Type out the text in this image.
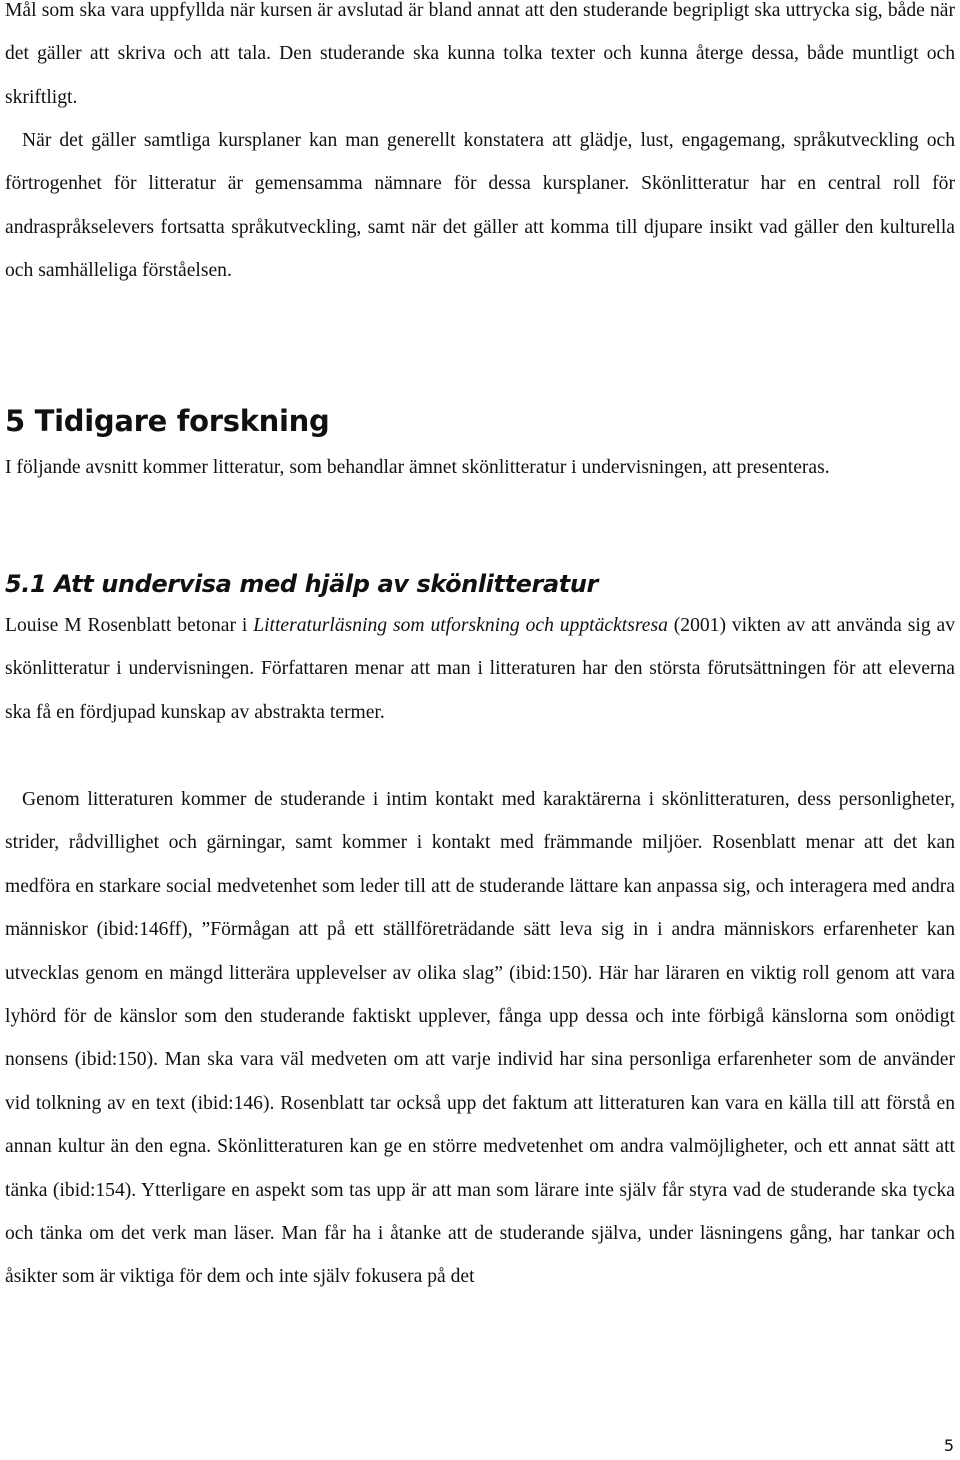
Mål som ska vara uppfyllda när kursen är avslutad är bland annat att den studerande begripligt ska uttrycka sig, både när det gäller att skriva och att tala. Den studerande ska kunna tolka texter och kunna återge dessa, både muntligt och skriftligt.

När det gäller samtliga kursplaner kan man generellt konstatera att glädje, lust, engagemang, språkutveckling och förtrogenhet för litteratur är gemensamma nämnare för dessa kursplaner. Skönlitteratur har en central roll för andraspråkselevers fortsatta språkutveckling, samt när det gäller att komma till djupare insikt vad gäller den kulturella och samhälleliga förståelsen.

5 Tidigare forskning

I följande avsnitt kommer litteratur, som behandlar ämnet skönlitteratur i undervisningen, att presenteras.

5.1 Att undervisa med hjälp av skönlitteratur

Louise M Rosenblatt betonar i Litteraturläsning som utforskning och upptäcktsresa (2001) vikten av att använda sig av skönlitteratur i undervisningen. Författaren menar att man i litteraturen har den största förutsättningen för att eleverna ska få en fördjupad kunskap av abstrakta termer.

Genom litteraturen kommer de studerande i intim kontakt med karaktärerna i skönlitteraturen, dess personligheter, strider, rådvillighet och gärningar, samt kommer i kontakt med främmande miljöer. Rosenblatt menar att det kan medföra en starkare social medvetenhet som leder till att de studerande lättare kan anpassa sig, och interagera med andra människor (ibid:146ff), ”Förmågan att på ett ställföreträdande sätt leva sig in i andra människors erfarenheter kan utvecklas genom en mängd litterära upplevelser av olika slag” (ibid:150). Här har läraren en viktig roll genom att vara lyhörd för de känslor som den studerande faktiskt upplever, fånga upp dessa och inte förbigå känslorna som onödigt nonsens (ibid:150). Man ska vara väl medveten om att varje individ har sina personliga erfarenheter som de använder vid tolkning av en text (ibid:146). Rosenblatt tar också upp det faktum att litteraturen kan vara en källa till att förstå en annan kultur än den egna. Skönlitteraturen kan ge en större medvetenhet om andra valmöjligheter, och ett annat sätt att tänka (ibid:154). Ytterligare en aspekt som tas upp är att man som lärare inte själv får styra vad de studerande ska tycka och tänka om det verk man läser. Man får ha i åtanke att de studerande själva, under läsningens gång, har tankar och åsikter som är viktiga för dem och inte själv fokusera på det

5
